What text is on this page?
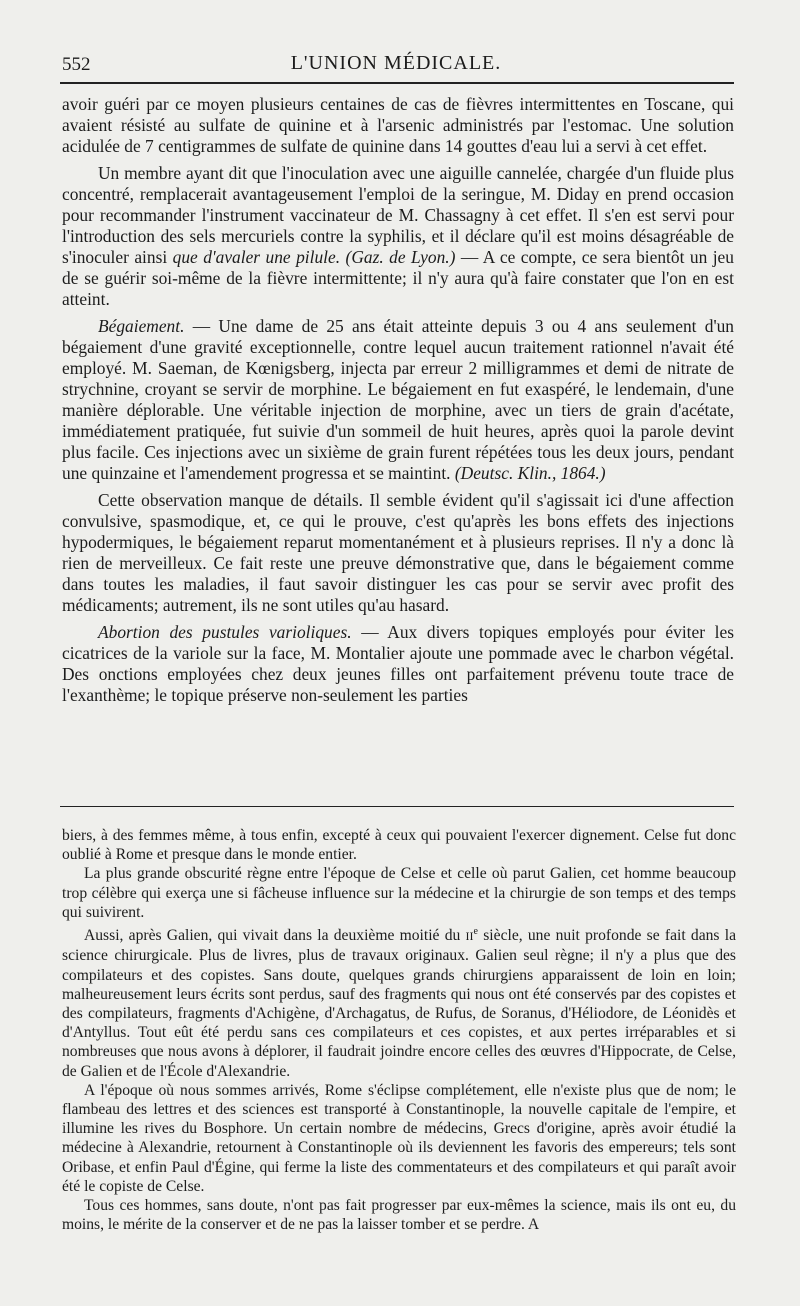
552	L'UNION MÉDICALE.

avoir guéri par ce moyen plusieurs centaines de cas de fièvres intermittentes en Toscane, qui avaient résisté au sulfate de quinine et à l'arsenic administrés par l'estomac. Une solution acidulée de 7 centigrammes de sulfate de quinine dans 14 gouttes d'eau lui a servi à cet effet.

Un membre ayant dit que l'inoculation avec une aiguille cannelée, chargée d'un fluide plus concentré, remplacerait avantageusement l'emploi de la seringue, M. Diday en prend occasion pour recommander l'instrument vaccinateur de M. Chassagny à cet effet. Il s'en est servi pour l'introduction des sels mercuriels contre la syphilis, et il déclare qu'il est moins désagréable de s'inoculer ainsi que d'avaler une pilule. (Gaz. de Lyon.) — A ce compte, ce sera bientôt un jeu de se guérir soi-même de la fièvre intermittente; il n'y aura qu'à faire constater que l'on en est atteint.

Bégaiement. — Une dame de 25 ans était atteinte depuis 3 ou 4 ans seulement d'un bégaiement d'une gravité exceptionnelle, contre lequel aucun traitement rationnel n'avait été employé. M. Saeman, de Kœnigsberg, injecta par erreur 2 milligrammes et demi de nitrate de strychnine, croyant se servir de morphine. Le bégaiement en fut exaspéré, le lendemain, d'une manière déplorable. Une véritable injection de morphine, avec un tiers de grain d'acétate, immédiatement pratiquée, fut suivie d'un sommeil de huit heures, après quoi la parole devint plus facile. Ces injections avec un sixième de grain furent répétées tous les deux jours, pendant une quinzaine et l'amendement progressa et se maintint. (Deutsc. Klin., 1864.)

Cette observation manque de détails. Il semble évident qu'il s'agissait ici d'une affection convulsive, spasmodique, et, ce qui le prouve, c'est qu'après les bons effets des injections hypodermiques, le bégaiement reparut momentanément et à plusieurs reprises. Il n'y a donc là rien de merveilleux. Ce fait reste une preuve démonstrative que, dans le bégaiement comme dans toutes les maladies, il faut savoir distinguer les cas pour se servir avec profit des médicaments; autrement, ils ne sont utiles qu'au hasard.

Abortion des pustules varioliques. — Aux divers topiques employés pour éviter les cicatrices de la variole sur la face, M. Montalier ajoute une pommade avec le charbon végétal. Des onctions employées chez deux jeunes filles ont parfaitement prévenu toute trace de l'exanthème; le topique préserve non-seulement les parties

biers, à des femmes même, à tous enfin, excepté à ceux qui pouvaient l'exercer dignement. Celse fut donc oublié à Rome et presque dans le monde entier.

La plus grande obscurité règne entre l'époque de Celse et celle où parut Galien, cet homme beaucoup trop célèbre qui exerça une si fâcheuse influence sur la médecine et la chirurgie de son temps et des temps qui suivirent.

Aussi, après Galien, qui vivait dans la deuxième moitié du IIe siècle, une nuit profonde se fait dans la science chirurgicale. Plus de livres, plus de travaux originaux. Galien seul règne; il n'y a plus que des compilateurs et des copistes. Sans doute, quelques grands chirurgiens apparaissent de loin en loin; malheureusement leurs écrits sont perdus, sauf des fragments qui nous ont été conservés par des copistes et des compilateurs, fragments d'Achigène, d'Archagatus, de Rufus, de Soranus, d'Héliodore, de Léonidès et d'Antyllus. Tout eût été perdu sans ces compilateurs et ces copistes, et aux pertes irréparables et si nombreuses que nous avons à déplorer, il faudrait joindre encore celles des œuvres d'Hippocrate, de Celse, de Galien et de l'École d'Alexandrie.

A l'époque où nous sommes arrivés, Rome s'éclipse complétement, elle n'existe plus que de nom; le flambeau des lettres et des sciences est transporté à Constantinople, la nouvelle capitale de l'empire, et illumine les rives du Bosphore. Un certain nombre de médecins, Grecs d'origine, après avoir étudié la médecine à Alexandrie, retournent à Constantinople où ils deviennent les favoris des empereurs; tels sont Oribase, et enfin Paul d'Égine, qui ferme la liste des commentateurs et des compilateurs et qui paraît avoir été le copiste de Celse.

Tous ces hommes, sans doute, n'ont pas fait progresser par eux-mêmes la science, mais ils ont eu, du moins, le mérite de la conserver et de ne pas la laisser tomber et se perdre. A
